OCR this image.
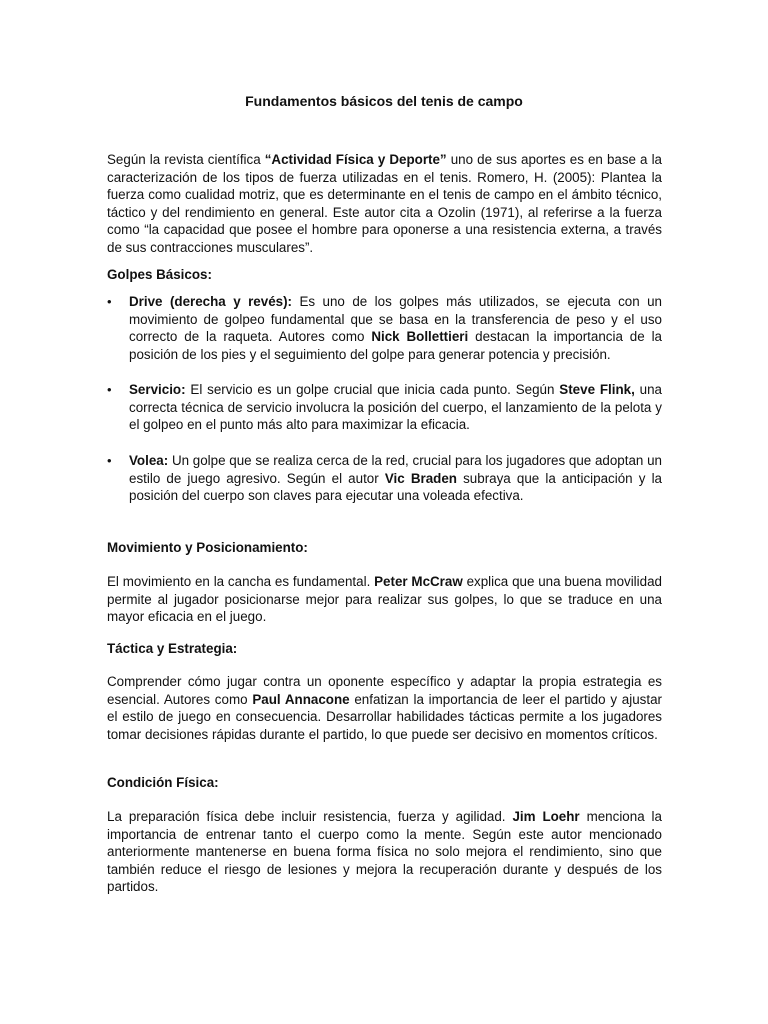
Fundamentos básicos del tenis de campo
Según la revista científica “Actividad Física y Deporte” uno de sus aportes es en base a la caracterización de los tipos de fuerza utilizadas en el tenis. Romero, H. (2005): Plantea la fuerza como cualidad motriz, que es determinante en el tenis de campo en el ámbito técnico, táctico y del rendimiento en general. Este autor cita a Ozolin (1971), al referirse a la fuerza como “la capacidad que posee el hombre para oponerse a una resistencia externa, a través de sus contracciones musculares”.
Golpes Básicos:
• Drive (derecha y revés): Es uno de los golpes más utilizados, se ejecuta con un movimiento de golpeo fundamental que se basa en la transferencia de peso y el uso correcto de la raqueta. Autores como Nick Bollettieri destacan la importancia de la posición de los pies y el seguimiento del golpe para generar potencia y precisión.
• Servicio: El servicio es un golpe crucial que inicia cada punto. Según Steve Flink, una correcta técnica de servicio involucra la posición del cuerpo, el lanzamiento de la pelota y el golpeo en el punto más alto para maximizar la eficacia.
• Volea: Un golpe que se realiza cerca de la red, crucial para los jugadores que adoptan un estilo de juego agresivo. Según el autor Vic Braden subraya que la anticipación y la posición del cuerpo son claves para ejecutar una voleada efectiva.
Movimiento y Posicionamiento:
El movimiento en la cancha es fundamental. Peter McCraw explica que una buena movilidad permite al jugador posicionarse mejor para realizar sus golpes, lo que se traduce en una mayor eficacia en el juego.
Táctica y Estrategia:
Comprender cómo jugar contra un oponente específico y adaptar la propia estrategia es esencial. Autores como Paul Annacone enfatizan la importancia de leer el partido y ajustar el estilo de juego en consecuencia. Desarrollar habilidades tácticas permite a los jugadores tomar decisiones rápidas durante el partido, lo que puede ser decisivo en momentos críticos.
Condición Física:
La preparación física debe incluir resistencia, fuerza y agilidad. Jim Loehr menciona la importancia de entrenar tanto el cuerpo como la mente. Según este autor mencionado anteriormente mantenerse en buena forma física no solo mejora el rendimiento, sino que también reduce el riesgo de lesiones y mejora la recuperación durante y después de los partidos.
